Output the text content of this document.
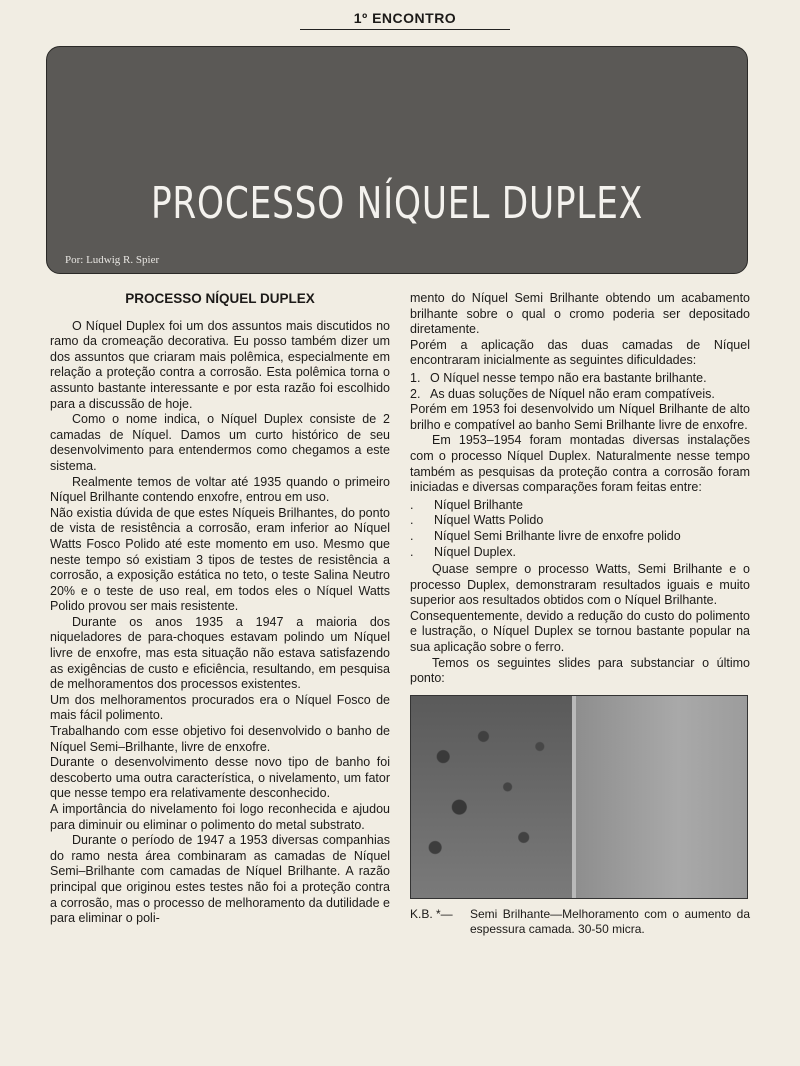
1º ENCONTRO
PROCESSO NÍQUEL DUPLEX
Por: Ludwig R. Spier

PROCESSO NÍQUEL DUPLEX

O Níquel Duplex foi um dos assuntos mais discutidos no ramo da cromeação decorativa. Eu posso também dizer um dos assuntos que criaram mais polêmica, especialmente em relação a proteção contra a corrosão. Esta polêmica torna o assunto bastante interessante e por esta razão foi escolhido para a discussão de hoje.

Como o nome indica, o Níquel Duplex consiste de 2 camadas de Níquel. Damos um curto histórico de seu desenvolvimento para entendermos como chegamos a este sistema.

Realmente temos de voltar até 1935 quando o primeiro Níquel Brilhante contendo enxofre, entrou em uso.

Não existia dúvida de que estes Níqueis Brilhantes, do ponto de vista de resistência a corrosão, eram inferior ao Níquel Watts Fosco Polido até este momento em uso. Mesmo que neste tempo só existiam 3 tipos de testes de resistência a corrosão, a exposição estática no teto, o teste Salina Neutro 20% e o teste de uso real, em todos eles o Níquel Watts Polido provou ser mais resistente.

Durante os anos 1935 a 1947 a maioria dos niqueladores de para-choques estavam polindo um Níquel livre de enxofre, mas esta situação não estava satisfazendo as exigências de custo e eficiência, resultando, em pesquisa de melhoramentos dos processos existentes.

Um dos melhoramentos procurados era o Níquel Fosco de mais fácil polimento.

Trabalhando com esse objetivo foi desenvolvido o banho de Níquel Semi–Brilhante, livre de enxofre.

Durante o desenvolvimento desse novo tipo de banho foi descoberto uma outra característica, o nivelamento, um fator que nesse tempo era relativamente desconhecido.

A importância do nivelamento foi logo reconhecida e ajudou para diminuir ou eliminar o polimento do metal substrato.

Durante o período de 1947 a 1953 diversas companhias do ramo nesta área combinaram as camadas de Níquel Semi–Brilhante com camadas de Níquel Brilhante. A razão principal que originou estes testes não foi a proteção contra a corrosão, mas o processo de melhoramento da dutilidade e para eliminar o poli-

mento do Níquel Semi Brilhante obtendo um acabamento brilhante sobre o qual o cromo poderia ser depositado diretamente.

Porém a aplicação das duas camadas de Níquel encontraram inicialmente as seguintes dificuldades:

1. O Níquel nesse tempo não era bastante brilhante.
2. As duas soluções de Níquel não eram compatíveis.

Porém em 1953 foi desenvolvido um Níquel Brilhante de alto brilho e compatível ao banho Semi Brilhante livre de enxofre.

Em 1953–1954 foram montadas diversas instalações com o processo Níquel Duplex. Naturalmente nesse tempo também as pesquisas da proteção contra a corrosão foram iniciadas e diversas comparações foram feitas entre:

.	Níquel Brilhante
.	Níquel Watts Polido
.	Níquel Semi Brilhante livre de enxofre polido
.	Níquel Duplex.

Quase sempre o processo Watts, Semi Brilhante e o processo Duplex, demonstraram resultados iguais e muito superior aos resultados obtidos com o Níquel Brilhante.

Consequentemente, devido a redução do custo do polimento e lustração, o Níquel Duplex se tornou bastante popular na sua aplicação sobre o ferro.

Temos os seguintes slides para substanciar o último ponto:

K.B. *—	Semi Brilhante—Melhoramento com o aumento da espessura camada. 30-50 micra.
